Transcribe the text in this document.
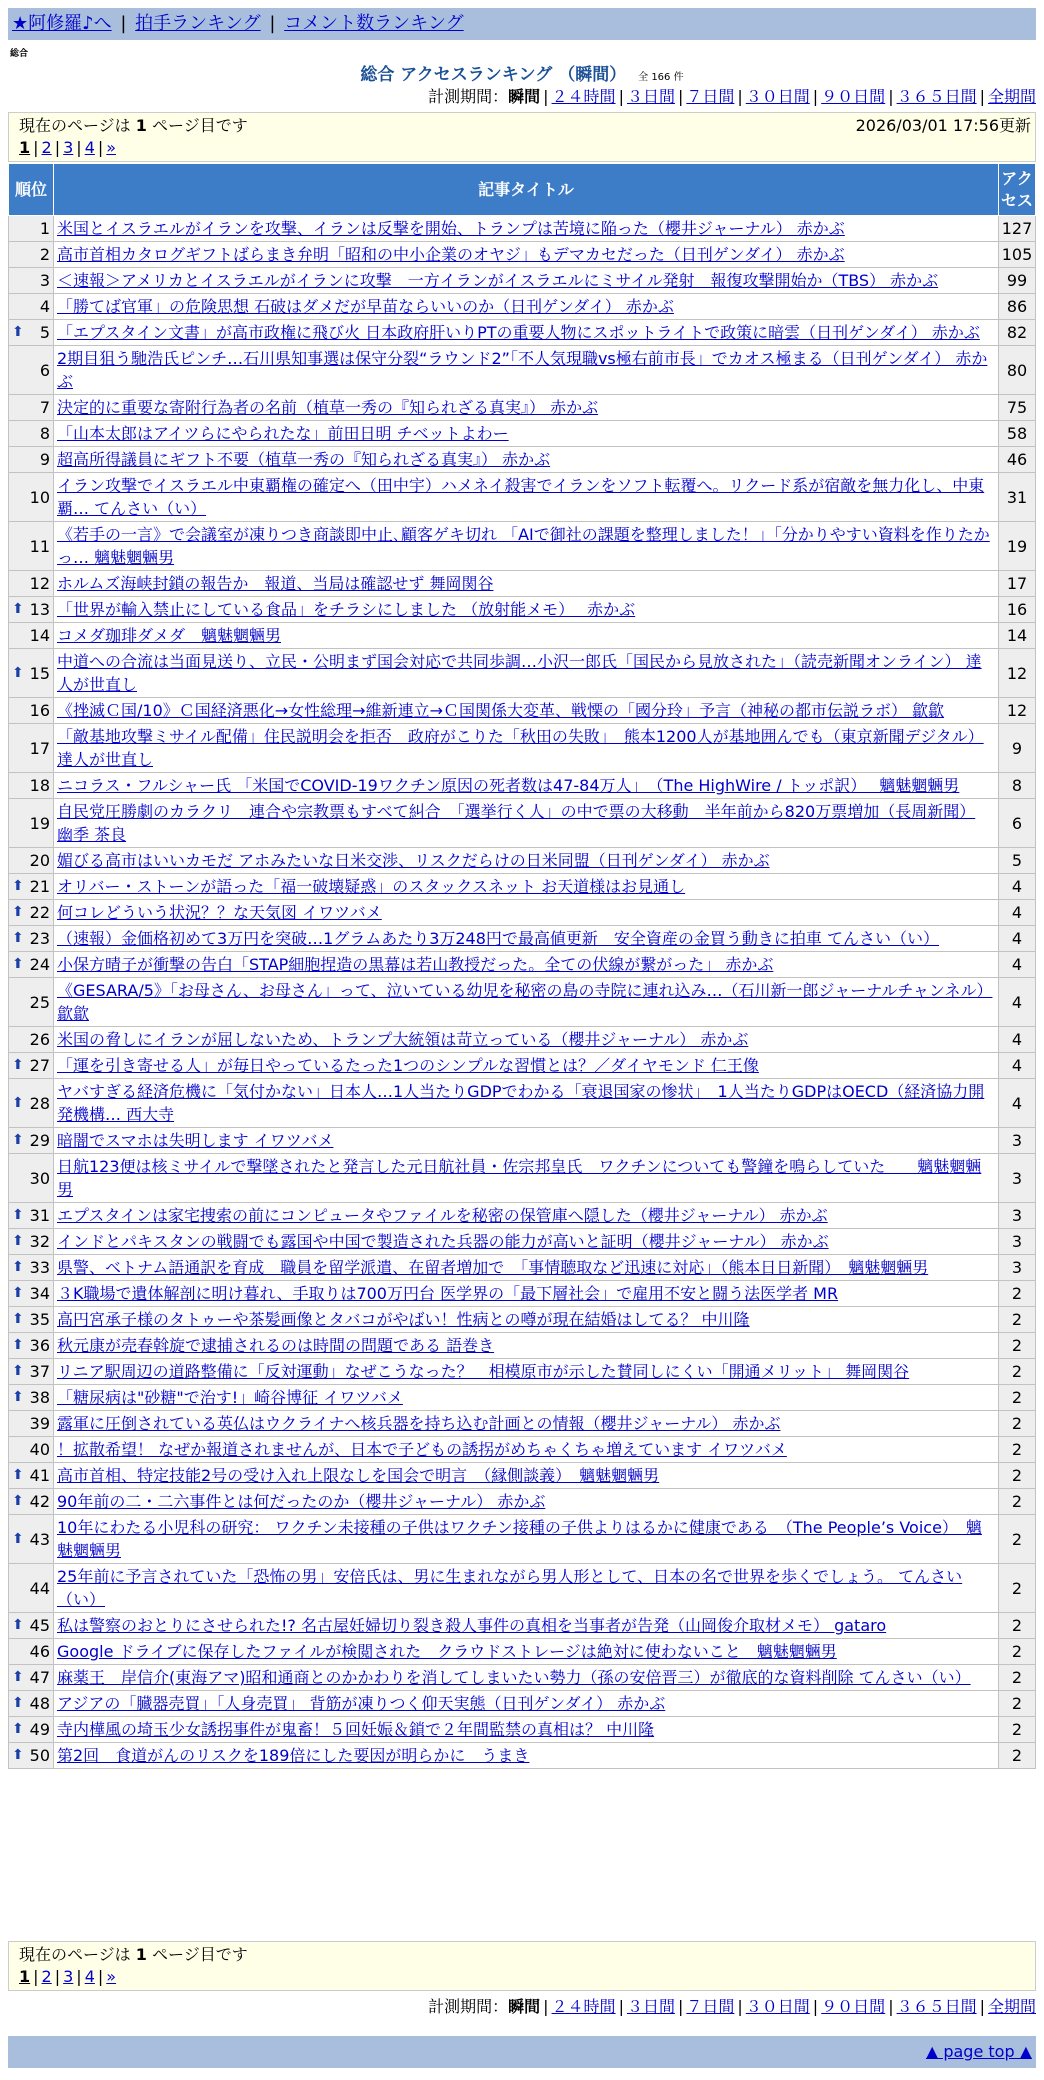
★阿修羅♪へ | 拍手ランキング | コメント数ランキング
総合
総合 アクセスランキング （瞬間） 全 166 件
計測期間：瞬間 | ２４時間 | ３日間 | ７日間 | ３０日間 | ９０日間 | ３６５日間 | 全期間
現在のページは 1 ページ目です	2026/03/01 17:56更新
1 | 2 | 3 | 4 | »
順位	記事タイトル	アクセス
1	米国とイスラエルがイランを攻撃、イランは反撃を開始、トランプは苦境に陥った（櫻井ジャーナル） 赤かぶ	127
2	高市首相カタログギフトばらまき弁明「昭和の中小企業のオヤジ」もデマカセだった（日刊ゲンダイ） 赤かぶ	105
3	＜速報＞アメリカとイスラエルがイランに攻撃　一方イランがイスラエルにミサイル発射　報復攻撃開始か（TBS） 赤かぶ	99
4	「勝てば官軍」の危険思想 石破はダメだが早苗ならいいのか（日刊ゲンダイ） 赤かぶ	86

⬆ 5	「エプスタイン文書」が高市政権に飛び火 日本政府肝いりPTの重要人物にスポットライトで政策に暗雲（日刊ゲンダイ） 赤かぶ	82
6	2期目狙う馳浩氏ピンチ…石川県知事選は保守分裂“ラウンド2”「不人気現職vs極右前市長」でカオス極まる（日刊ゲンダイ） 赤かぶ	80
7	決定的に重要な寄附行為者の名前（植草一秀の『知られざる真実』） 赤かぶ	75
8	「山本太郎はアイツらにやられたな」前田日明 チベットよわー	58
9	超高所得議員にギフト不要（植草一秀の『知られざる真実』） 赤かぶ	46
10	イラン攻撃でイスラエル中東覇権の確定へ（田中宇）ハメネイ殺害でイランをソフト転覆へ。リクード系が宿敵を無力化し、中東覇… てんさい（い）	31
11	《若手の一言》で会議室が凍りつき商談即中止､顧客ゲキ切れ 「AIで御社の課題を整理しました！」｢分かりやすい資料を作りたかっ… 魑魅魍魎男	19
12	ホルムズ海峡封鎖の報告か　報道、当局は確認せず 舞岡関谷	17

⬆ 13	「世界が輸入禁止にしている食品」をチラシにしました （放射能メモ）　 赤かぶ	16
14	コメダ珈琲ダメダ　魑魅魍魎男	14

⬆ 15	中道への合流は当面見送り、立民・公明まず国会対応で共同歩調…小沢一郎氏「国民から見放された」（読売新聞オンライン） 達人が世直し	12
16	《挫滅Ｃ国/10》Ｃ国経済悪化→女性総理→維新連立→Ｃ国関係大変革、戦慄の「國分玲」予言（神秘の都市伝説ラボ） 歙歙	12
17	「敵基地攻撃ミサイル配備」住民説明会を拒否　政府がこりた「秋田の失敗」　熊本1200人が基地囲んでも（東京新聞デジタル） 達人が世直し	9
18	ニコラス・フルシャー氏 「米国でCOVID-19ワクチン原因の死者数は47-84万人」　（The HighWire / トッポ訳）　 魑魅魍魎男	8
19	自民党圧勝劇のカラクリ　連合や宗教票もすべて糾合　「選挙行く人」の中で票の大移動　半年前から820万票増加（長周新聞） 幽季 茶良	6
20	媚びる高市はいいカモだ アホみたいな日米交渉、リスクだらけの日米同盟（日刊ゲンダイ） 赤かぶ	5

⬆ 21	オリバー・ストーンが語った「福一破壊疑惑」のスタックスネット お天道様はお見通し	4

⬆ 22	何コレどういう状況？？な天気図 イワツバメ	4

⬆ 23	（速報）金価格初めて3万円を突破…1グラムあたり3万248円で最高値更新　安全資産の金買う動きに拍車 てんさい（い）	4

⬆ 24	小保方晴子が衝撃の告白「STAP細胞捏造の黒幕は若山教授だった。全ての伏線が繋がった」 赤かぶ	4
25	《GESARA/5》「お母さん、お母さん」って、泣いている幼児を秘密の島の寺院に連れ込み…（石川新一郎ジャーナルチャンネル） 歙歙	4
26	米国の脅しにイランが屈しないため、トランプ大統領は苛立っている（櫻井ジャーナル） 赤かぶ	4

⬆ 27	「運を引き寄せる人」が毎日やっているたった1つのシンプルな習慣とは？／ダイヤモンド 仁王像	4

⬆ 28	ヤバすぎる経済危機に「気付かない」日本人…1人当たりGDPでわかる「衰退国家の惨状」　1人当たりGDPはOECD（経済協力開発機構… 西大寺	4

⬆ 29	暗闇でスマホは失明します イワツバメ	3
30	日航123便は核ミサイルで撃墜されたと発言した元日航社員・佐宗邦皇氏　ワクチンについても警鐘を鳴らしていた　　魑魅魍魎男	3

⬆ 31	エプスタインは家宅捜索の前にコンピュータやファイルを秘密の保管庫へ隠した（櫻井ジャーナル） 赤かぶ	3

⬆ 32	インドとパキスタンの戦闘でも露国や中国で製造された兵器の能力が高いと証明（櫻井ジャーナル） 赤かぶ	3

⬆ 33	県警、ベトナム語通訳を育成　職員を留学派遣、在留者増加で　「事情聴取など迅速に対応」（熊本日日新聞）　魑魅魍魎男	3

⬆ 34	３K職場で遺体解剖に明け暮れ、手取りは700万円台 医学界の「最下層社会」で雇用不安と闘う法医学者 MR	2

⬆ 35	高円宮承子様のタトゥーや茶髪画像とタバコがやばい！性病との噂が現在結婚はしてる？ 中川隆	2

⬆ 36	秋元康が売春斡旋で逮捕されるのは時間の問題である 語巻き	2

⬆ 37	リニア駅周辺の道路整備に「反対運動」なぜこうなった？　相模原市が示した賛同しにくい「開通メリット」 舞岡関谷	2

⬆ 38	「糖尿病は"砂糖"で治す!」崎谷博征 イワツバメ	2
39	露軍に圧倒されている英仏はウクライナへ核兵器を持ち込む計画との情報（櫻井ジャーナル） 赤かぶ	2
40	！拡散希望！ なぜか報道されませんが、日本で子どもの誘拐がめちゃくちゃ増えています イワツバメ	2

⬆ 41	高市首相、特定技能2号の受け入れ上限なしを国会で明言　（縁側談義）　魑魅魍魎男	2

⬆ 42	90年前の二・二六事件とは何だったのか（櫻井ジャーナル） 赤かぶ	2

⬆ 43	10年にわたる小児科の研究： ワクチン未接種の子供はワクチン接種の子供よりはるかに健康である　（The People’s Voice）　魑魅魍魎男	2
44	25年前に予言されていた「恐怖の男」安倍氏は、男に生まれながら男人形として、日本の名で世界を歩くでしょう。 てんさい（い）	2

⬆ 45	私は警察のおとりにさせられた!? 名古屋妊婦切り裂き殺人事件の真相を当事者が告発（山岡俊介取材メモ） gataro	2
46	Google ドライブに保存したファイルが検閲された　クラウドストレージは絶対に使わないこと　魑魅魍魎男	2

⬆ 47	麻薬王　岸信介(東海アマ)昭和通商とのかかわりを消してしまいたい勢力（孫の安倍晋三）が徹底的な資料削除 てんさい（い）	2

⬆ 48	アジアの「臓器売買」「人身売買」 背筋が凍りつく仰天実態（日刊ゲンダイ） 赤かぶ	2

⬆ 49	寺内樺風の埼玉少女誘拐事件が鬼畜！５回妊娠＆鎖で２年間監禁の真相は？ 中川隆	2

⬆ 50	第2回　食道がんのリスクを189倍にした要因が明らかに　うまき	2
現在のページは 1 ページ目です
1 | 2 | 3 | 4 | »
計測期間：瞬間 | ２４時間 | ３日間 | ７日間 | ３０日間 | ９０日間 | ３６５日間 | 全期間
▲ page top ▲
